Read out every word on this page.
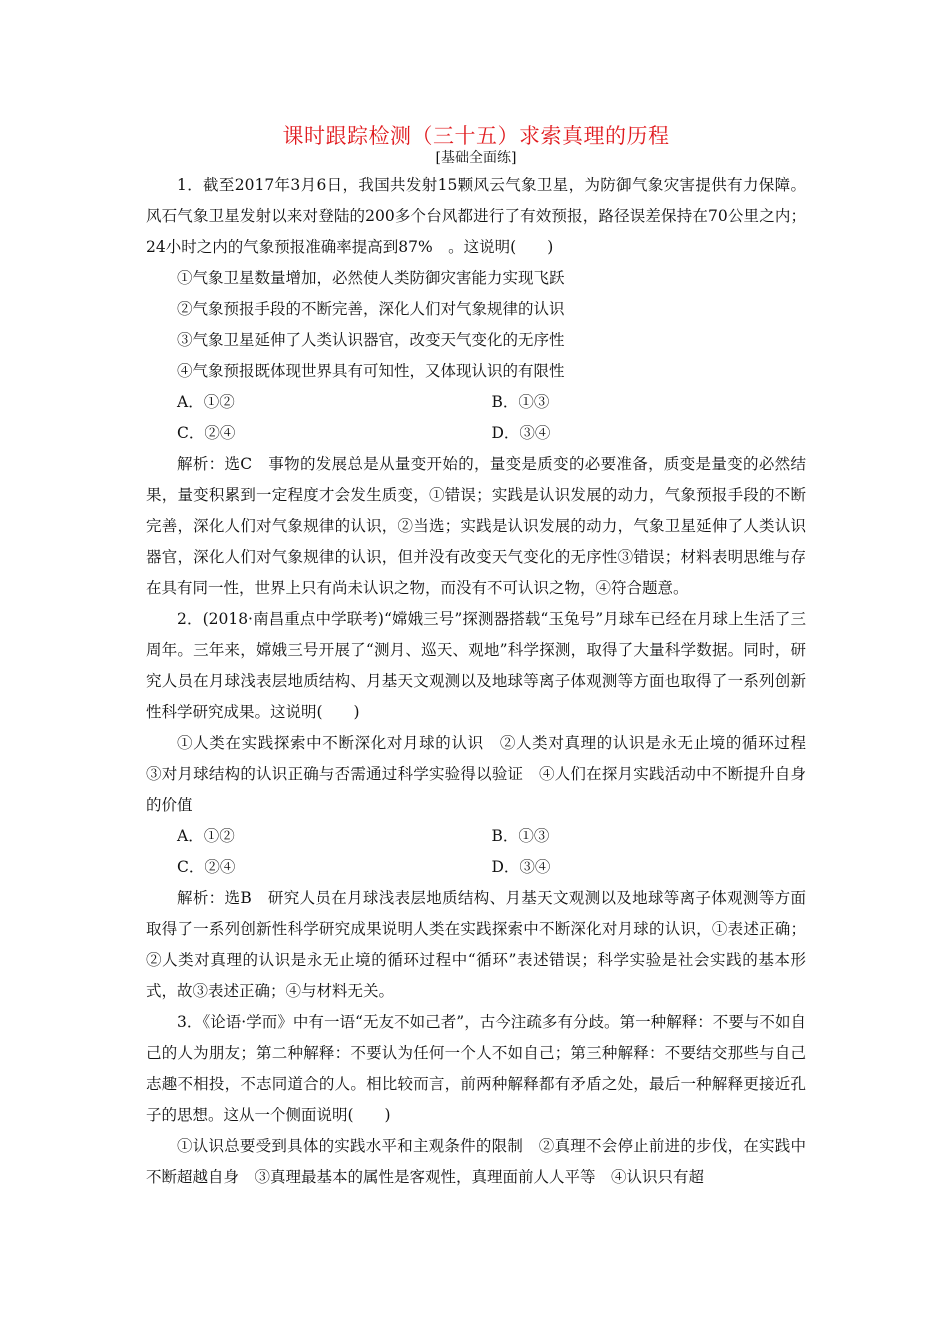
课时跟踪检测（三十五）求索真理的历程
[基础全面练]

1．截至2017年3月6日，我国共发射15颗风云气象卫星，为防御气象灾害提供有力保障。风石气象卫星发射以来对登陆的200多个台风都进行了有效预报，路径误差保持在70公里之内；24小时之内的气象预报准确率提高到87%　。这说明(　　)

①气象卫星数量增加，必然使人类防御灾害能力实现飞跃

②气象预报手段的不断完善，深化人们对气象规律的认识

③气象卫星延伸了人类认识器官，改变天气变化的无序性

④气象预报既体现世界具有可知性，又体现认识的有限性

A．①②	B．①③
C．②④	D．③④

解析：选C　事物的发展总是从量变开始的，量变是质变的必要准备，质变是量变的必然结果，量变积累到一定程度才会发生质变，①错误；实践是认识发展的动力，气象预报手段的不断完善，深化人们对气象规律的认识，②当选；实践是认识发展的动力，气象卫星延伸了人类认识器官，深化人们对气象规律的认识，但并没有改变天气变化的无序性③错误；材料表明思维与存在具有同一性，世界上只有尚未认识之物，而没有不可认识之物，④符合题意。

2．(2018·南昌重点中学联考)“嫦娥三号”探测器搭载“玉兔号”月球车已经在月球上生活了三周年。三年来，嫦娥三号开展了“测月、巡天、观地”科学探测，取得了大量科学数据。同时，研究人员在月球浅表层地质结构、月基天文观测以及地球等离子体观测等方面也取得了一系列创新性科学研究成果。这说明(　　)

①人类在实践探索中不断深化对月球的认识　②人类对真理的认识是永无止境的循环过程　③对月球结构的认识正确与否需通过科学实验得以验证　④人们在探月实践活动中不断提升自身的价值

A．①②	B．①③
C．②④	D．③④

解析：选B　研究人员在月球浅表层地质结构、月基天文观测以及地球等离子体观测等方面取得了一系列创新性科学研究成果说明人类在实践探索中不断深化对月球的认识，①表述正确；②人类对真理的认识是永无止境的循环过程中“循环”表述错误；科学实验是社会实践的基本形式，故③表述正确；④与材料无关。

3．《论语·学而》中有一语“无友不如己者”，古今注疏多有分歧。第一种解释：不要与不如自己的人为朋友；第二种解释：不要认为任何一个人不如自己；第三种解释：不要结交那些与自己志趣不相投，不志同道合的人。相比较而言，前两种解释都有矛盾之处，最后一种解释更接近孔子的思想。这从一个侧面说明(　　)

①认识总要受到具体的实践水平和主观条件的限制　②真理不会停止前进的步伐，在实践中不断超越自身　③真理最基本的属性是客观性，真理面前人人平等　④认识只有超
